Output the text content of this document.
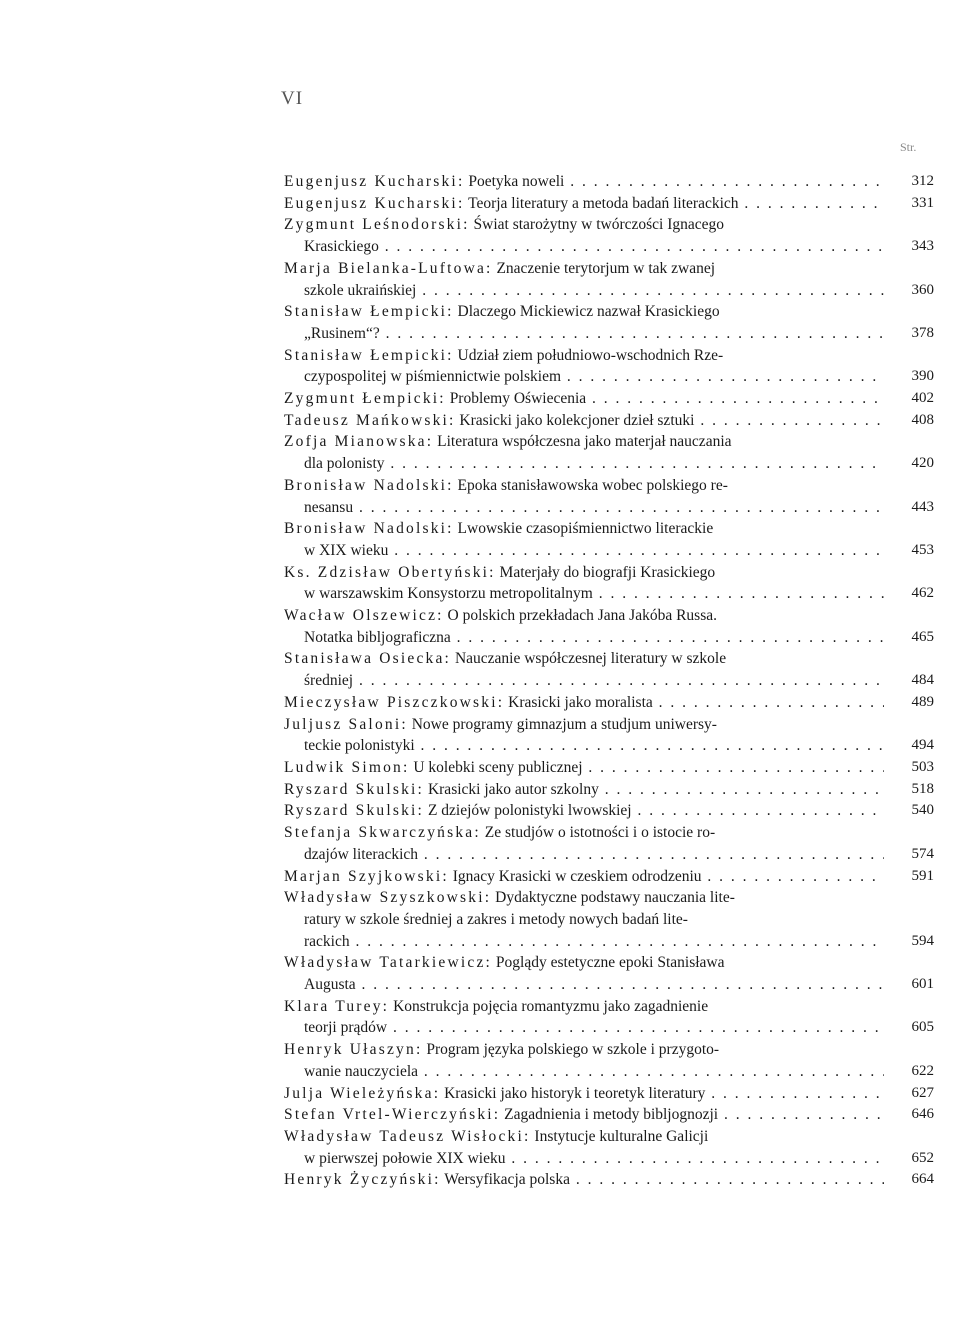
VI
Str.
Eugenjusz Kucharski: Poetyka noweli . . .	312
Eugenjusz Kucharski: Teorja literatury a metoda badań literackich . . .	331
Zygmunt Leśnodorski: Świat starożytny w twórczości Ignacego
Krasickiego . . .	343
Marja Bielanka-Luftowa: Znaczenie terytorjum w tak zwanej
szkole ukraińskiej . . .	360
Stanisław Łempicki: Dlaczego Mickiewicz nazwał Krasickiego
„Rusinem“? . . .	378
Stanisław Łempicki: Udział ziem południowo-wschodnich Rze-
czypospolitej w piśmiennictwie polskiem . . .	390
Zygmunt Łempicki: Problemy Oświecenia . . .	402
Tadeusz Mańkowski: Krasicki jako kolekcjoner dzieł sztuki . . .	408
Zofja Mianowska: Literatura współczesna jako materjał nauczania
dla polonisty . . .	420
Bronisław Nadolski: Epoka stanisławowska wobec polskiego re-
nesansu . . .	443
Bronisław Nadolski: Lwowskie czasopiśmiennictwo literackie
w XIX wieku . . .	453
Ks. Zdzisław Obertyński: Materjały do biografji Krasickiego
w warszawskim Konsystorzu metropolitalnym . . .	462
Wacław Olszewicz: O polskich przekładach Jana Jakóba Russa.
Notatka bibljograficzna . . .	465
Stanisława Osiecka: Nauczanie współczesnej literatury w szkole
średniej . . .	484
Mieczysław Piszczkowski: Krasicki jako moralista . . .	489
Juljusz Saloni: Nowe programy gimnazjum a studjum uniwersy-
teckie polonistyki . . .	494
Ludwik Simon: U kolebki sceny publicznej . . .	503
Ryszard Skulski: Krasicki jako autor szkolny . . .	518
Ryszard Skulski: Z dziejów polonistyki lwowskiej . . .	540
Stefanja Skwarczyńska: Ze studjów o istotności i o istocie ro-
dzajów literackich . . .	574
Marjan Szyjkowski: Ignacy Krasicki w czeskiem odrodzeniu . . .	591
Władysław Szyszkowski: Dydaktyczne podstawy nauczania lite-
ratury w szkole średniej a zakres i metody nowych badań lite-
rackich . . .	594
Władysław Tatarkiewicz: Poglądy estetyczne epoki Stanisława
Augusta . . .	601
Klara Turey: Konstrukcja pojęcia romantyzmu jako zagadnienie
teorji prądów . . .	605
Henryk Ułaszyn: Program języka polskiego w szkole i przygoto-
wanie nauczyciela . . .	622
Julja Wieleżyńska: Krasicki jako historyk i teoretyk literatury . . .	627
Stefan Vrtel-Wierczyński: Zagadnienia i metody bibljognozji . . .	646
Władysław Tadeusz Wisłocki: Instytucje kulturalne Galicji
w pierwszej połowie XIX wieku . . .	652
Henryk Życzyński: Wersyfikacja polska . . .	664
